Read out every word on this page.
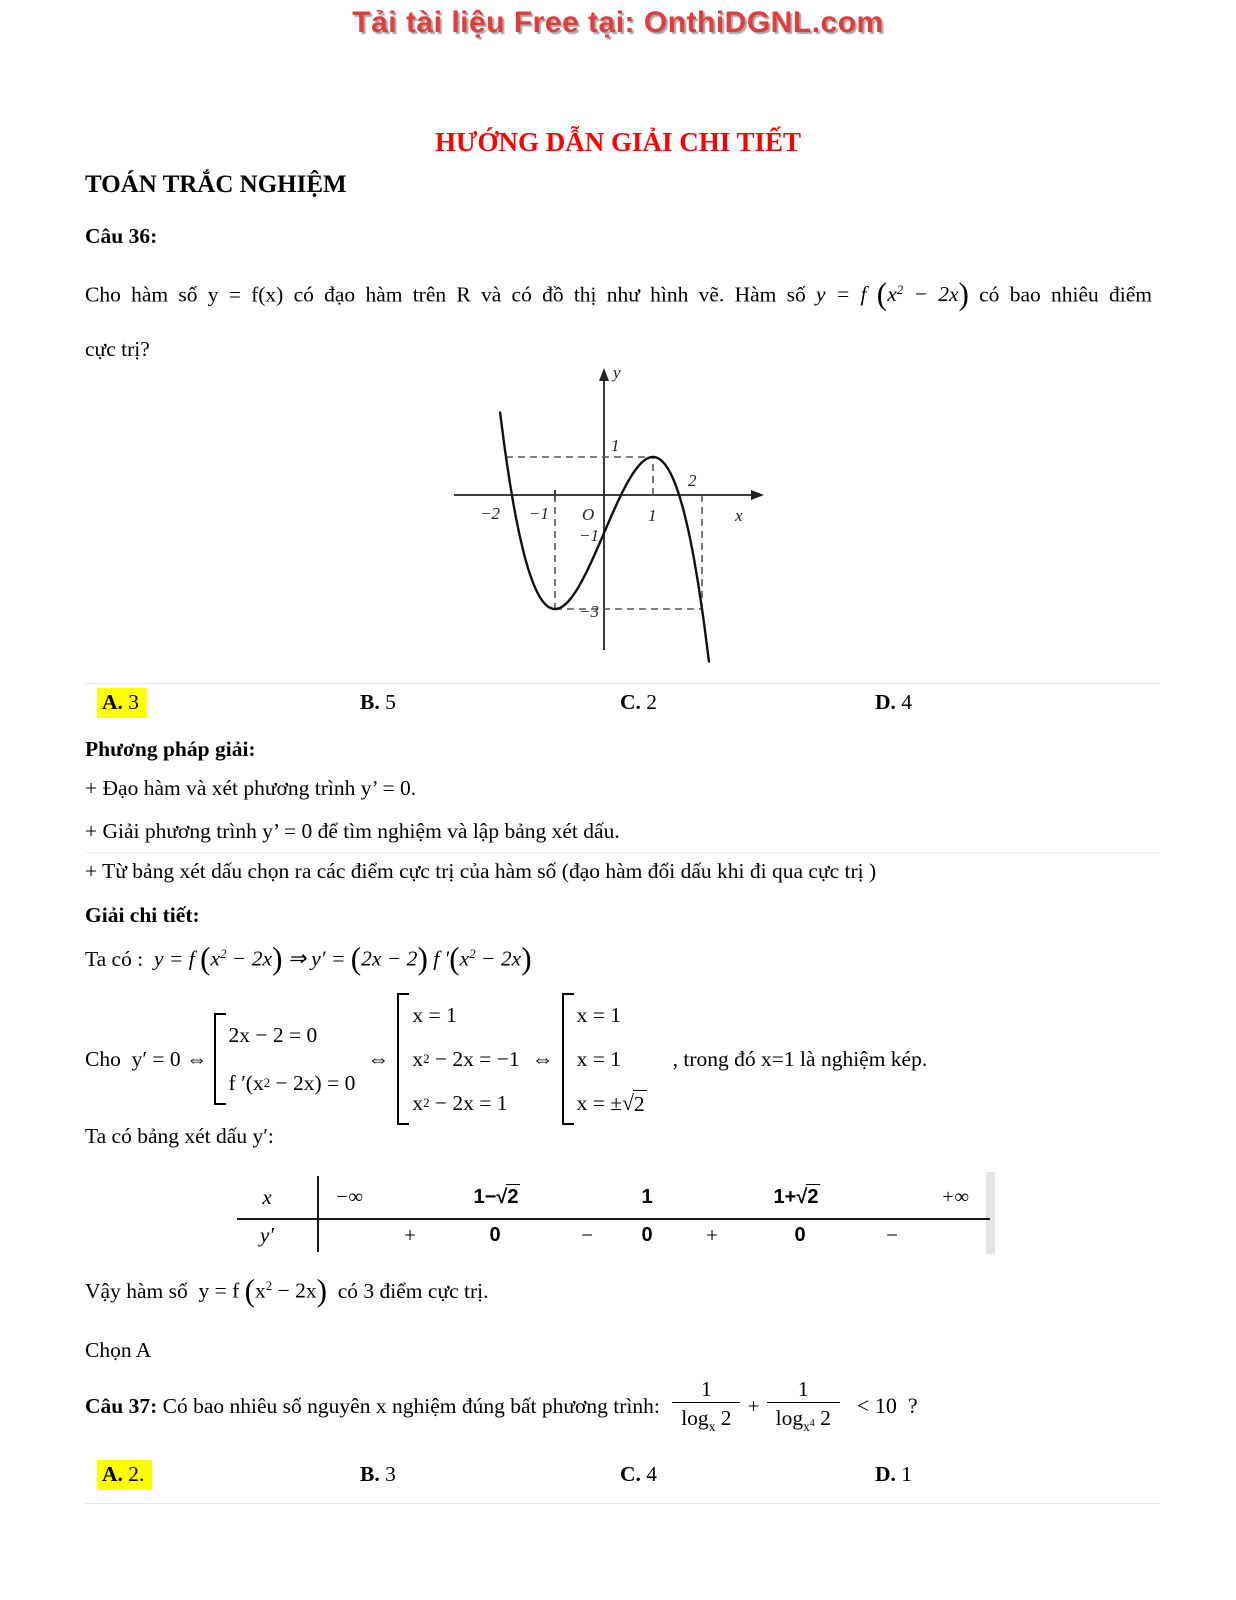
Tải tài liệu Free tại: OnthiDGNL.com
HƯỚNG DẪN GIẢI CHI TIẾT
TOÁN TRẮC NGHIỆM
Câu 36:
Cho hàm số y = f(x) có đạo hàm trên R và có đồ thị như hình vẽ. Hàm số y = f $(x^2 - 2x)$ có bao nhiêu điểm
cực trị?
−2 −1	1
2
1
−1
−3
y
x
O
A. 3	B. 5	C. 2	D. 4
Phương pháp giải:
+ Đạo hàm và xét phương trình y’ = 0.
+ Giải phương trình y’ = 0 để tìm nghiệm và lập bảng xét dấu.
+ Từ bảng xét dấu chọn ra các điểm cực trị của hàm số (đạo hàm đổi dấu khi đi qua cực trị )
Giải chi tiết:
Ta có : y = f $(x^2 - 2x)$ ⇒ y′ = (2x − 2) f $'(x^2 - 2x)$
Cho  y′ = 0 ⇔
2x − 2 = 0
f ′(x 2 − 2x) = 0
⇔
x = 1
x 2 − 2x = −1
x 2 − 2x = 1
⇔
x = 1
x = 1
x = ± √ 2
, trong đó x=1 là nghiệm kép.
Ta có bảng xét dấu y′:
x
y′
−∞	1−√2	1	1+√2	+∞
+	0	−	0	+	0	−
Vậy hàm số y = f $(x^2 - 2x)$ có 3 điểm cực trị.
Chọn A
Câu 37: Có bao nhiêu số nguyên x nghiệm đúng bất phương trình: $\frac{1}{\log_x 2} + \frac{1}{\log_{x^4} 2} < 10$  ?
A. 2.	B. 3	C. 4	D. 1
